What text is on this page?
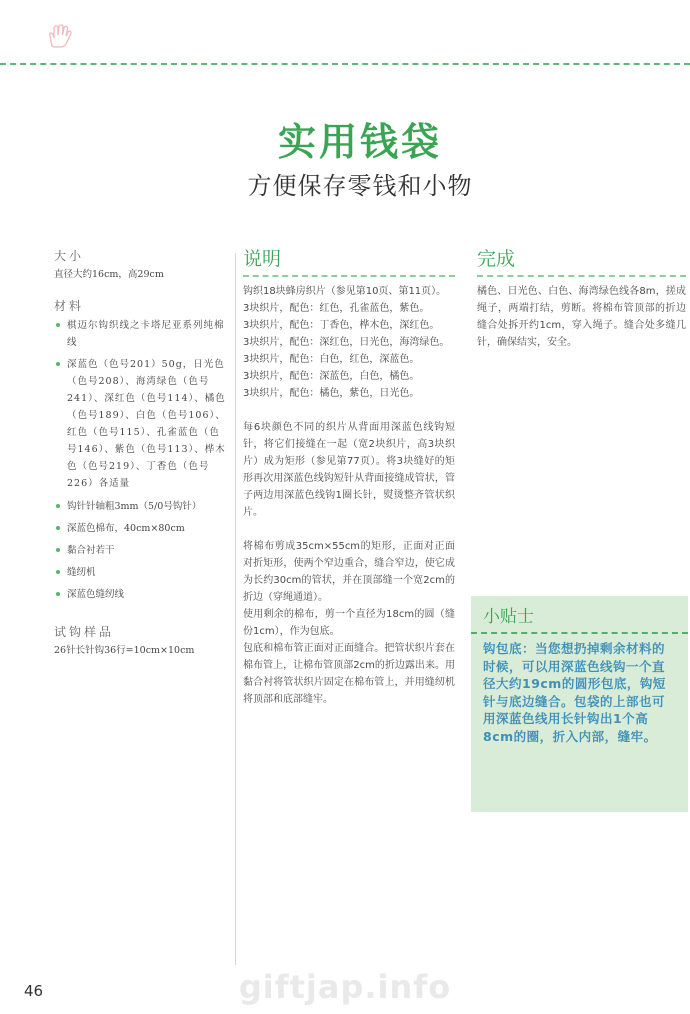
实用钱袋
方便保存零钱和小物
大小
直径大约16cm，高29cm
材料
棋迈尔钩织线之卡塔尼亚系列纯棉线
深蓝色（色号201）50g，日光色（色号208）、海湾绿色（色号241）、深红色（色号114）、橘色（色号189）、白色（色号106）、红色（色号115）、孔雀蓝色（色号146）、紫色（色号113）、桦木色（色号219）、丁香色（色号226）各适量
钩针针轴粗3mm（5/0号钩针）
深蓝色棉布，40cm×80cm
黏合衬若干
缝纫机
深蓝色缝纫线
试钩样品
26针长针钩36行=10cm×10cm
说明

钩织18块蜂房织片（参见第10页、第11页）。

3块织片，配色：红色，孔雀蓝色，紫色。

3块织片，配色：丁香色，桦木色，深红色。

3块织片，配色：深红色，日光色，海湾绿色。

3块织片，配色：白色，红色，深蓝色。

3块织片，配色：深蓝色，白色，橘色。

3块织片，配色：橘色，紫色，日光色。

每6块颜色不同的织片从背面用深蓝色线钩短针，将它们接缝在一起（宽2块织片，高3块织片）成为矩形（参见第77页）。将3块缝好的矩形再次用深蓝色线钩短针从背面接缝成管状，管子两边用深蓝色线钩1圈长针，熨烫整齐管状织片。

将棉布剪成35cm×55cm的矩形，正面对正面对折矩形，使两个窄边重合，缝合窄边，使它成为长约30cm的管状，并在顶部缝一个宽2cm的折边（穿绳通道）。

使用剩余的棉布，剪一个直径为18cm的圆（缝份1cm），作为包底。

包底和棉布管正面对正面缝合。把管状织片套在棉布管上，让棉布管顶部2cm的折边露出来。用黏合衬将管状织片固定在棉布管上，并用缝纫机将顶部和底部缝牢。

完成

橘色、日光色、白色、海湾绿色线各8m，搓成绳子，两端打结，剪断。将棉布管顶部的折边缝合处拆开约1cm，穿入绳子。缝合处多缝几针，确保结实，安全。

小贴士

钩包底：当您想扔掉剩余材料的时候，可以用深蓝色线钩一个直径大约19cm的圆形包底，钩短针与底边缝合。包袋的上部也可用深蓝色线用长针钩出1个高8cm的圈，折入内部，缝牢。

giftjap.info
46
